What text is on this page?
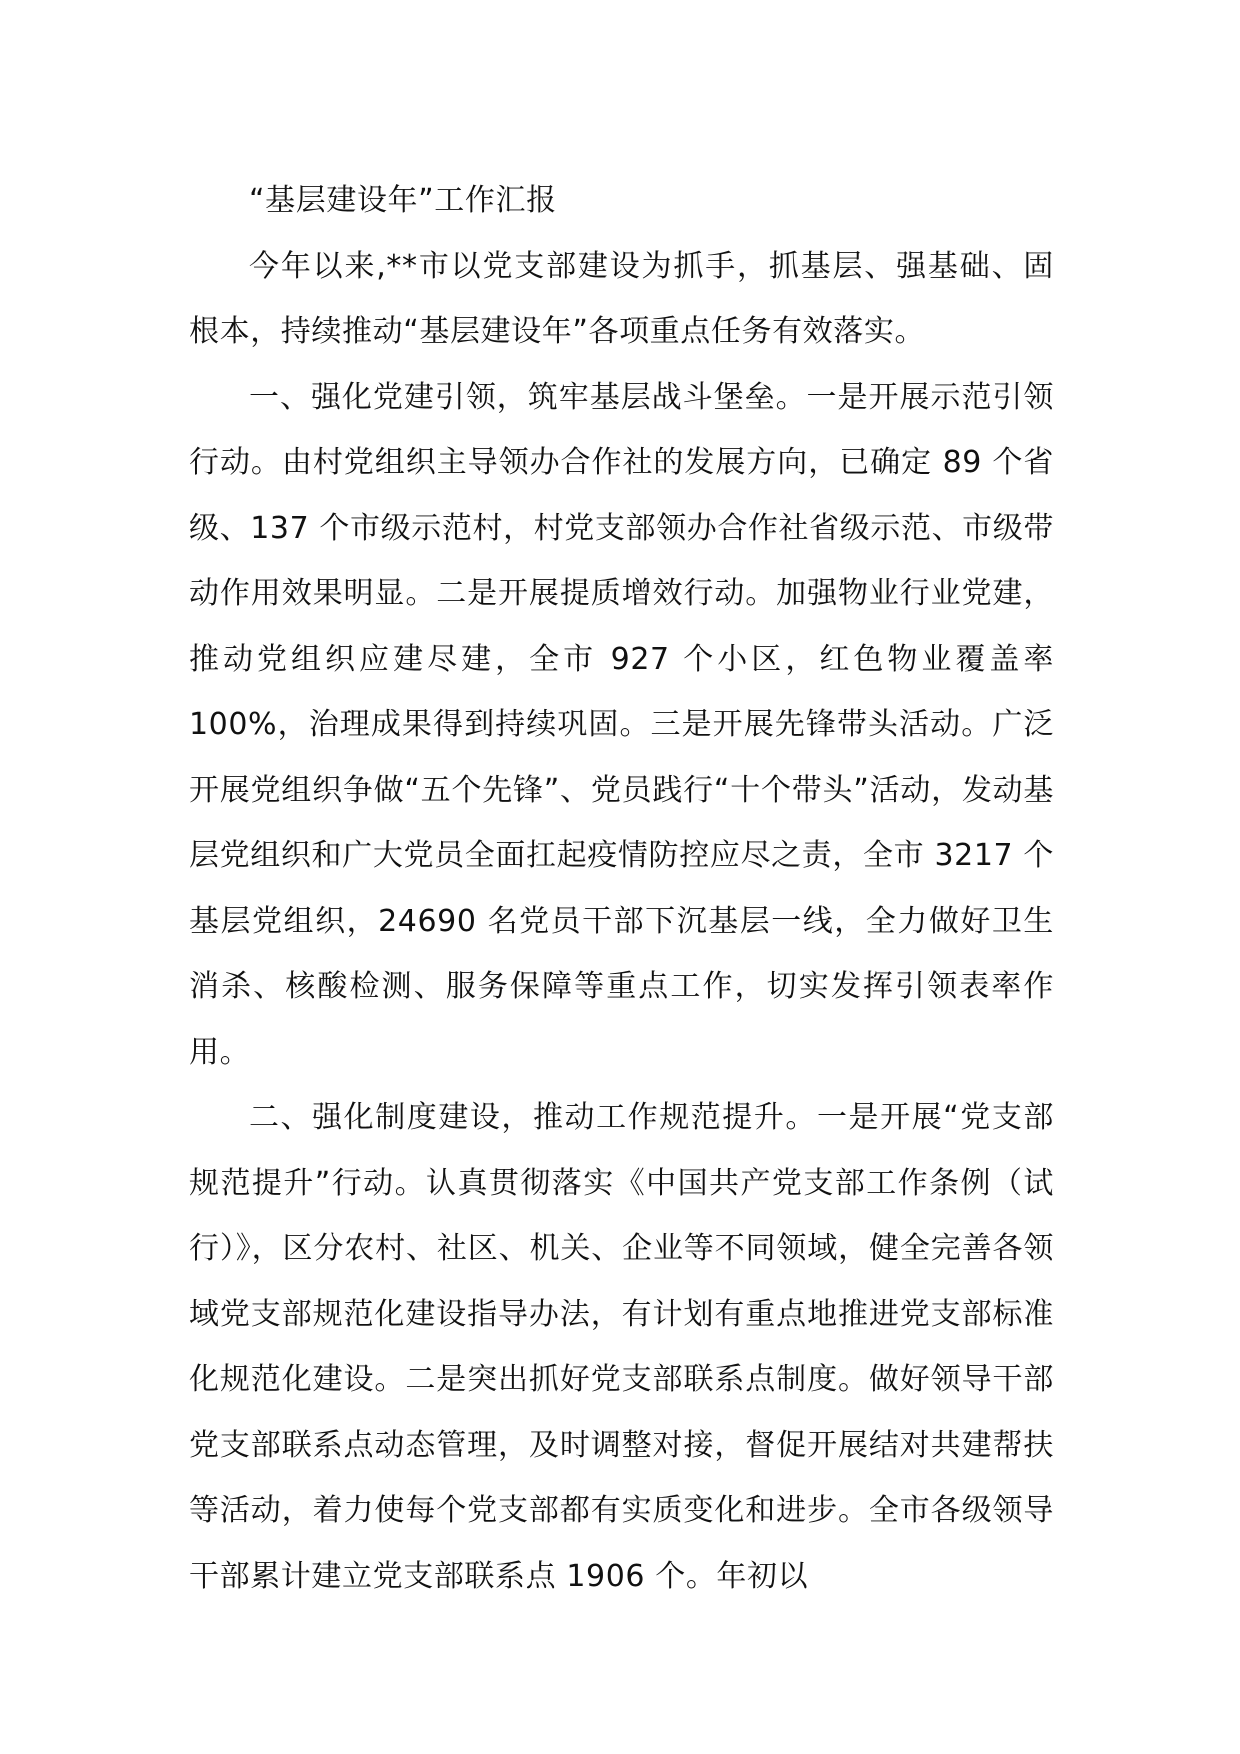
“基层建设年”工作汇报

今年以来,**市以党支部建设为抓手，抓基层、强基础、固根本，持续推动“基层建设年”各项重点任务有效落实。

一、强化党建引领，筑牢基层战斗堡垒。一是开展示范引领行动。由村党组织主导领办合作社的发展方向，已确定 89 个省级、137 个市级示范村，村党支部领办合作社省级示范、市级带动作用效果明显。二是开展提质增效行动。加强物业行业党建，推动党组织应建尽建，全市 927 个小区，红色物业覆盖率 100%，治理成果得到持续巩固。三是开展先锋带头活动。广泛开展党组织争做“五个先锋”、党员践行“十个带头”活动，发动基层党组织和广大党员全面扛起疫情防控应尽之责，全市 3217 个基层党组织，24690 名党员干部下沉基层一线，全力做好卫生消杀、核酸检测、服务保障等重点工作，切实发挥引领表率作用。

二、强化制度建设，推动工作规范提升。一是开展“党支部规范提升”行动。认真贯彻落实《中国共产党支部工作条例（试行）》，区分农村、社区、机关、企业等不同领域，健全完善各领域党支部规范化建设指导办法，有计划有重点地推进党支部标准化规范化建设。二是突出抓好党支部联系点制度。做好领导干部党支部联系点动态管理，及时调整对接，督促开展结对共建帮扶等活动，着力使每个党支部都有实质变化和进步。全市各级领导干部累计建立党支部联系点 1906 个。年初以
